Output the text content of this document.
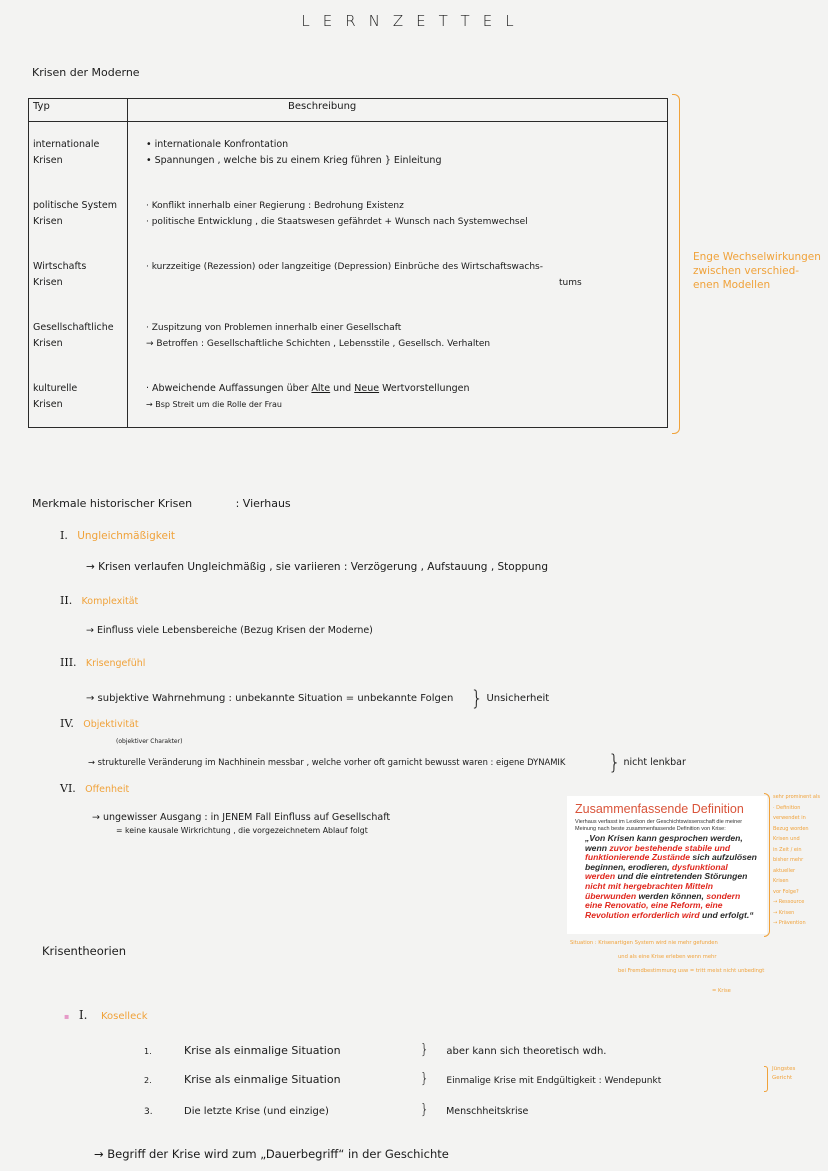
LERNZETTEL
Krisen der Moderne
Typ	Beschreibung

internationale
Krisen	• internationale Konfrontation
• Spannungen , welche bis zu einem Krieg führen } Einleitung

politische System
Krisen	· Konflikt innerhalb einer Regierung : Bedrohung Existenz
· politische Entwicklung , die Staatswesen gefährdet + Wunsch nach Systemwechsel

Wirtschafts
Krisen	· kurzzeitige (Rezession) oder langzeitige (Depression) Einbrüche des Wirtschaftswachs-
tums

Gesellschaftliche
Krisen	· Zuspitzung von Problemen innerhalb einer Gesellschaft
→ Betroffen : Gesellschaftliche Schichten , Lebensstile , Gesellsch. Verhalten

kulturelle
Krisen	· Abweichende Auffassungen über Alte und Neue Wertvorstellungen
→ Bsp Streit um die Rolle der Frau
Enge Wechselwirkungen
zwischen verschied-
enen Modellen
Merkmale historischer Krisen	: Vierhaus
I. Ungleichmäßigkeit
→ Krisen verlaufen Ungleichmäßig , sie variieren : Verzögerung , Aufstauung , Stoppung
II. Komplexität
→ Einfluss viele Lebensbereiche (Bezug Krisen der Moderne)
III. Krisengefühl
→ subjektive Wahrnehmung : unbekannte Situation = unbekannte Folgen } Unsicherheit
IV. Objektivität
(objektiver Charakter)
→ strukturelle Veränderung im Nachhinein messbar , welche vorher oft garnicht bewusst waren : eigene DYNAMIK } nicht lenkbar
VI. Offenheit
→ ungewisser Ausgang : in JENEM Fall Einfluss auf Gesellschaft
= keine kausale Wirkrichtung , die vorgezeichnetem Ablauf folgt
Zusammenfassende Definition
Vierhaus verfasst im Lexikon der Geschichtswissenschaft die meiner Meinung nach beste zusammenfassende Definition von Krise:
„Von Krisen kann gesprochen werden, wenn zuvor bestehende stabile und funktionierende Zustände sich aufzulösen beginnen, erodieren, dysfunktional werden und die eintretenden Störungen nicht mit hergebrachten Mitteln überwunden werden können, sondern eine Renovatio, eine Reform, eine Revolution erforderlich wird und erfolgt.“
sehr prominent als
· Definition
verwendet in
Bezug worden
Krisen und
in Zeit / ein
bisher mehr
aktueller
Krisen
vor Folge?
→ Ressource
→ Krisen
→ Prävention
Situation : Krisenartigen System wird nie mehr gefunden
und als eine Krise erleben wenn mehr
bei Fremdbestimmung usw = tritt meist nicht unbedingt
= Krise
Krisentheorien
▪ I. Koselleck
1.	Krise als einmalige Situation	} aber kann sich theoretisch wdh.
2.	Krise als einmalige Situation	} Einmalige Krise mit Endgültigkeit : Wendepunkt
Jüngstes
Gericht
3.	Die letzte Krise (und einzige)	} Menschheitskrise
→ Begriff der Krise wird zum „Dauerbegriff“ in der Geschichte
